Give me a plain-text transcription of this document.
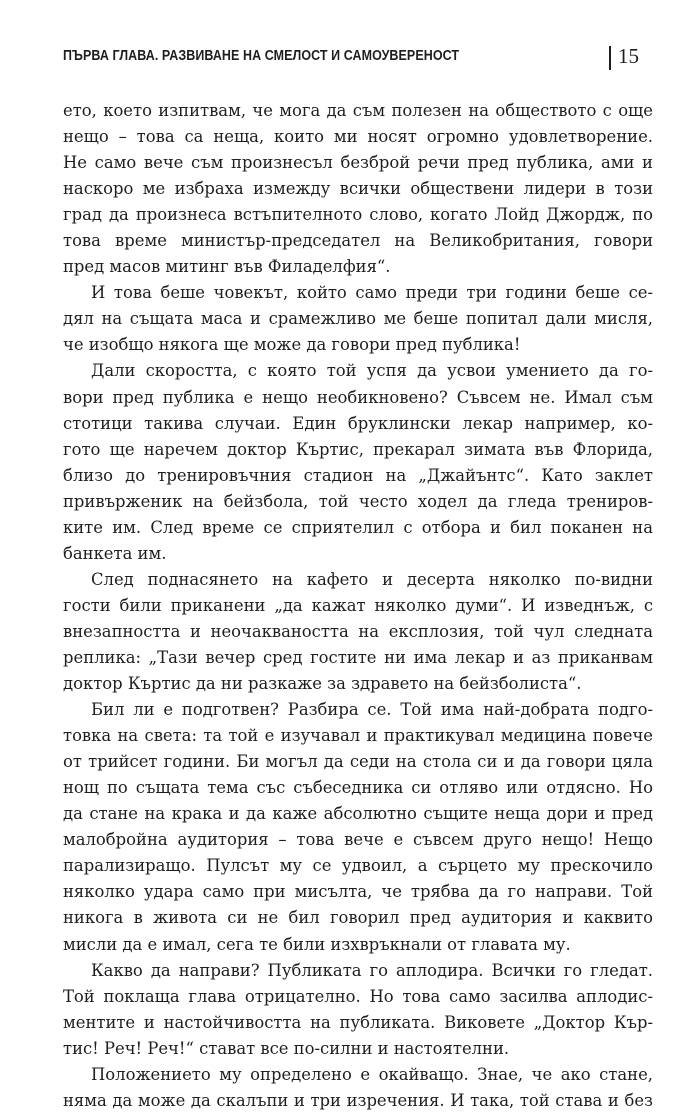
ПЪРВА ГЛАВА. РАЗВИВАНЕ НА СМЕЛОСТ И САМОУВЕРЕНОСТ	15

ето, което изпитвам, че мога да съм полезен на обществото с още
нещо – това са неща, които ми носят огромно удовлетворение.
Не само вече съм произнесъл безброй речи пред публика, ами и
наскоро ме избраха измежду всички обществени лидери в този
град да произнеса встъпителното слово, когато Лойд Джордж, по
това време министър-председател на Великобритания, говори
пред масов митинг във Филаделфия“.

И това беше човекът, който само преди три години беше се-
дял на същата маса и срамежливо ме беше попитал дали мисля,
че изобщо някога ще може да говори пред публика!

Дали скоростта, с която той успя да усвои умението да го-
вори пред публика е нещо необикновено? Съвсем не. Имал съм
стотици такива случаи. Един бруклински лекар например, ко-
гото ще наречем доктор Къртис, прекарал зимата във Флорида,
близо до тренировъчния стадион на „Джайънтс“. Като заклет
привърженик на бейзбола, той често ходел да гледа трениров-
ките им. След време се сприятелил с отбора и бил поканен на
банкета им.

След поднасянето на кафето и десерта няколко по-видни
гости били приканени „да кажат няколко думи“. И изведнъж, с
внезапността и неочакваността на експлозия, той чул следната
реплика: „Тази вечер сред гостите ни има лекар и аз приканвам
доктор Къртис да ни разкаже за здравето на бейзболиста“.

Бил ли е подготвен? Разбира се. Той има най-добрата подго-
товка на света: та той е изучавал и практикувал медицина повече
от трийсет години. Би могъл да седи на стола си и да говори цяла
нощ по същата тема със събеседника си отляво или отдясно. Но
да стане на крака и да каже абсолютно същите неща дори и пред
малобройна аудитория – това вече е съвсем друго нещо! Нещо
парализиращо. Пулсът му се удвоил, а сърцето му прескочило
няколко удара само при мисълта, че трябва да го направи. Той
никога в живота си не бил говорил пред аудитория и каквито
мисли да е имал, сега те били изхвръкнали от главата му.

Какво да направи? Публиката го аплодира. Всички го гледат.
Той поклаща глава отрицателно. Но това само засилва аплодис-
ментите и настойчивостта на публиката. Виковете „Доктор Кър-
тис! Реч! Реч!“ стават все по-силни и настоятелни.

Положението му определено е окайващо. Знае, че ако стане,
няма да може да скалъпи и три изречения. И така, той става и без
